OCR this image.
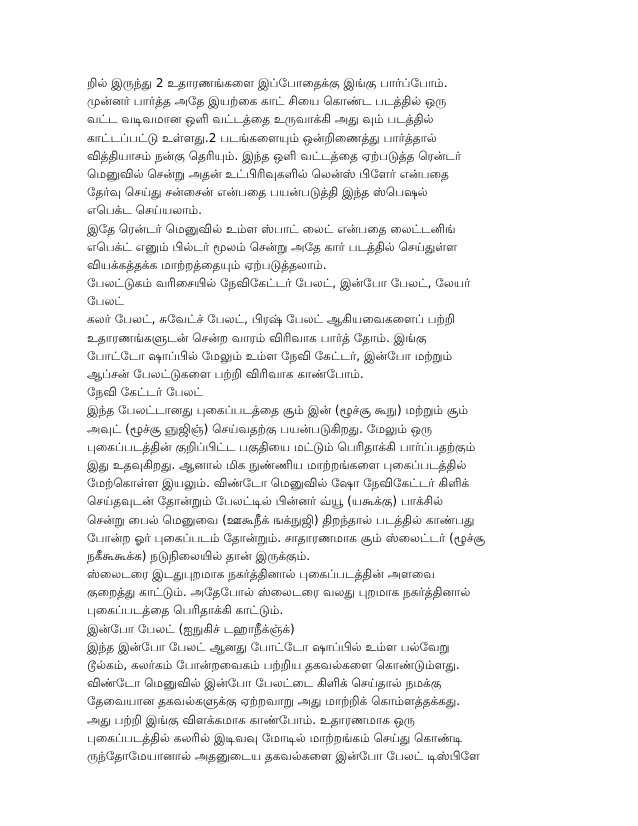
றில் இருந்து 2 உதாரணங்களை இப்போதைக்கு இங்கு பார்ப்போம்.
முன்னர் பார்த்த அதே இயற்கை காட் சியை கொண்ட படத்தில் ஒரு
வட்ட வடிவமான ஒளி வட்டத்தை உருவாக்கி அது வும் படத்தில்
காட்டப்பட்டு உள்ளது.2 படங்களையும் ஒன்றிணைத்து பார்த்தால்
வித்தியாசம் நன்கு தெரியும். இந்த ஒளி வட்டத்தை ஏற்படுத்த ரென்டர்
மெனுவில் சென்று அதன் உட்பிரிவுகளில் லென்ஸ் பிளேர் என்பதை
தேர்வு செய்து சன்சைன் என்பதை பயன்படுத்தி இந்த ஸ்பெஷல்
எபெக்ட செய்யலாம்.
இதே ரென்டர் மெனுவில் உம்ள ஸ்பாட் லைட் என்பதை லைட்டனிங்
எபெக்ட் எனும் பில்டர் மூலம் சென்று அதே கார் படத்தில் செய்துள்ள
வியக்கத்தக்க மாற்றத்தையும் ஏற்படுத்தலாம்.
பேலட்டுகம் வரிசையில் நேவிகேட்டர் பேலட், இன்போ பேலட், லேயர்
பேலட்
கலர் பேலட், சுவேட்ச் பேலட், பிரஷ் பேலட் ஆகியவைகளைப் பற்றி
உதாரணங்களுடன் சென்ற வாரம் விரிவாக பார்த் தோம். இங்கு
போட்டோ ஷாப்பில் மேலும் உம்ள நேவி கேட்டர், இன்போ மற்றும்
ஆப்சன் பேலட்டுகளை பற்றி விரிவாக காண்போம்.
நேவி கேட்டர் பேலட்
இந்த பேலட்டானது புகைப்படத்தை சூம் இன் (ழூச்சூ கூநு) மற்றும் சூம்
அவுட் (ழூச்சூ ஞுஜிஞ்) செய்வதற்கு பயன்படுகிறது. மேலும் ஒரு
புகைப்படத்தின் குறிப்பிட்ட பகுதியை மட்டும் பெரிதாக்கி பார்ப்பதற்கும்
இது உதவுகிறது. ஆனால் மிக நுண்ணிய மாற்றங்களை புகைப்படத்தில்
மேற்கொள்ள இயலும். விண்டோ மெனுவில் ஷோ நேவிகேட்டர் கிளிக்
செய்தவுடன் தோன்றும் பேலட்டில் பின்னர் வ்யூ (யகூக்கு) பாக்சில்
சென்று பைல் மெனுவை (ஊகூநீக் ஙக்நுஜி) திறந்தால் படத்தில் காண்பது
போன்ற ஓர் புகைப்படம் தோன்றும். சாதாரணமாக சூம் ஸ்லைட்டர் (ழூச்சூ
நகீகூகூக்க) நடுநிலையில் தான் இருக்கும்.
ஸ்லைடரை இடதுபுறமாக நகர்த்தினால் புகைப்படத்தின் அளவை
குறைத்து காட்டும். அதேபோல் ஸ்லைடரை வலது புறமாக நகர்த்தினால்
புகைப்படத்தை பெரிதாக்கி காட்டும்.
இன்போ பேலட் (ஐநுகிச் டஹாநீக்ஞ்க்)
இந்த இன்போ பேலட் ஆனது போட்டோ ஷாப்பில் உம்ள பல்வேறு
டூல்கம், கலர்கம் போன்றவைகம் பற்றிய தகவல்களை கொண்டும்ளது.
விண்டோ மெனுவில் இன்போ பேலட்டை கிளிக் செய்தால் நமக்கு
தேவையான தகவல்களுக்கு ஏற்றவாறு அது மாற்றிக் கொம்ளத்தக்கது.
அது பற்றி இங்கு விளக்கமாக காண்போம். உதாரணமாக ஒரு
புகைப்படத்தில் கலரில் இடிவவு மோடில் மாற்றங்கம் செய்து கொண்டி
ருந்தோமேயானால் அதனுடைய தகவல்களை இன்போ பேலட் டிஸ்பிளே
